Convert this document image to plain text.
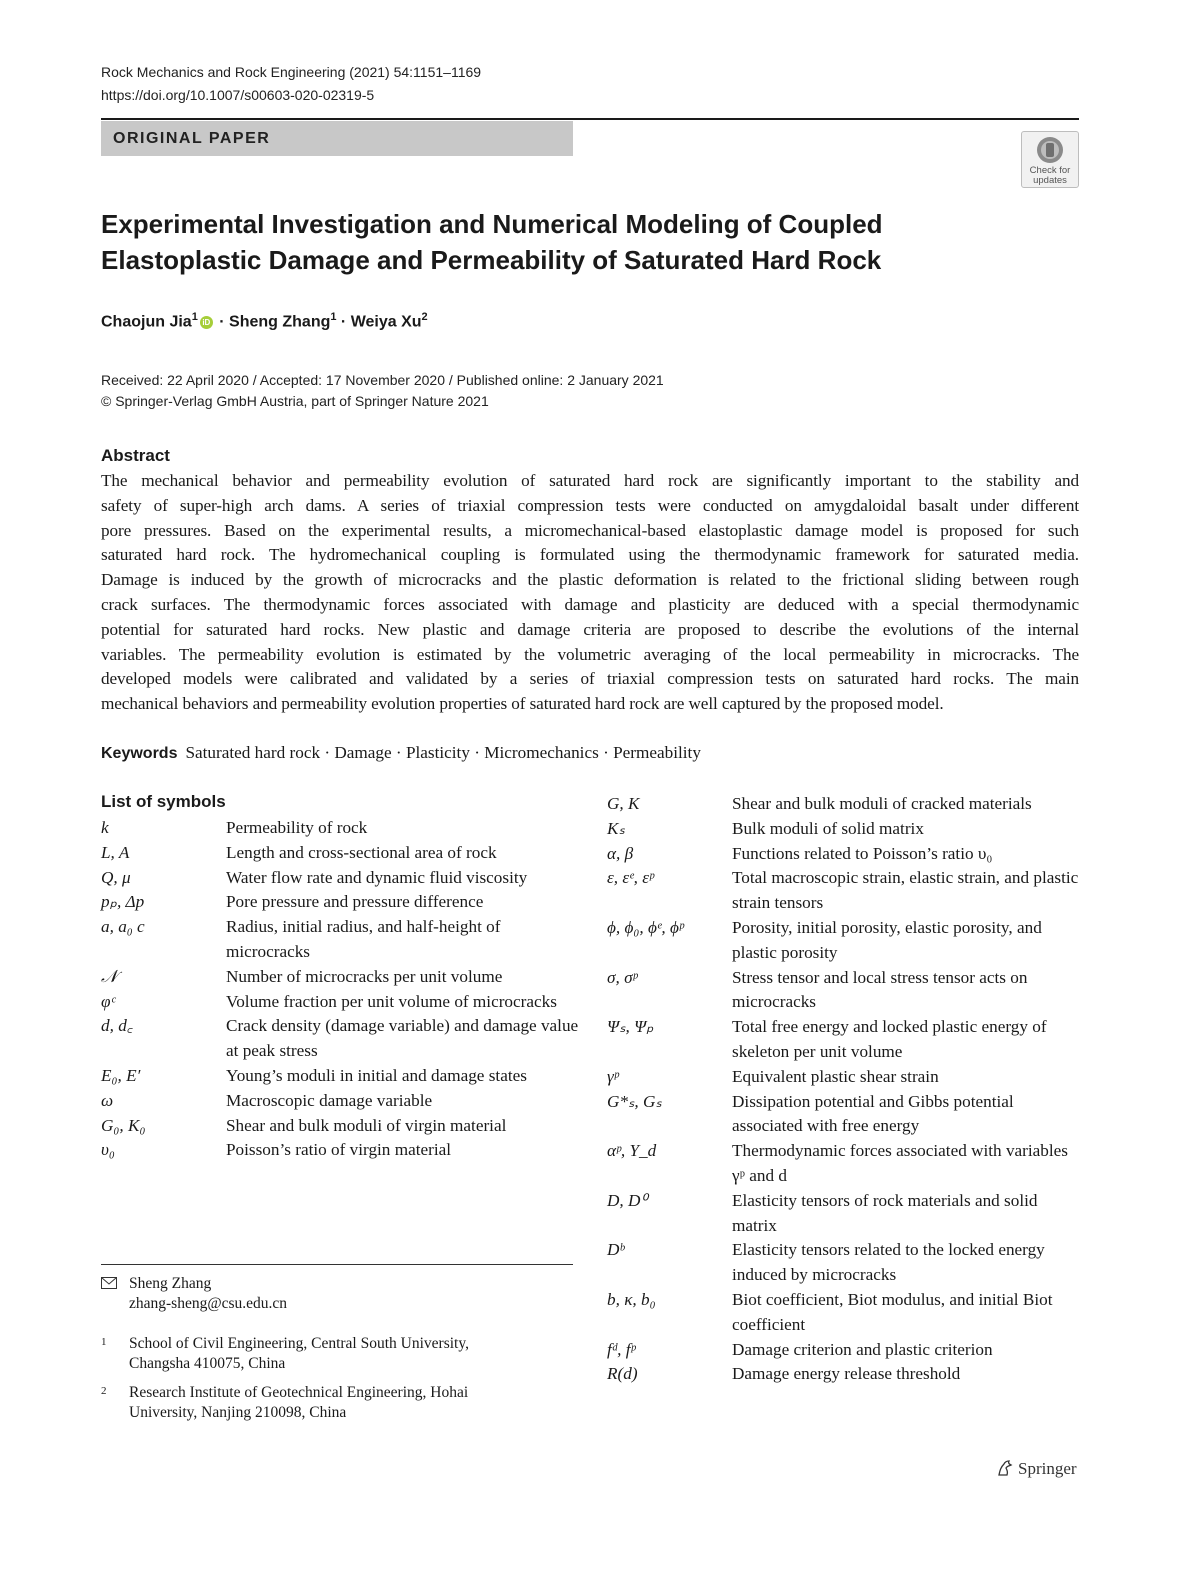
Rock Mechanics and Rock Engineering (2021) 54:1151–1169
https://doi.org/10.1007/s00603-020-02319-5
ORIGINAL PAPER
Check for
updates
Experimental Investigation and Numerical Modeling of Coupled
Elastoplastic Damage and Permeability of Saturated Hard Rock
Chaojun Jia$^1$ iD · Sheng Zhang$^1$ · Weiya Xu$^2$
Received: 22 April 2020 / Accepted: 17 November 2020 / Published online: 2 January 2021
© Springer-Verlag GmbH Austria, part of Springer Nature 2021
Abstract
The mechanical behavior and permeability evolution of saturated hard rock are significantly important to the stability and
safety of super-high arch dams. A series of triaxial compression tests were conducted on amygdaloidal basalt under different
pore pressures. Based on the experimental results, a micromechanical-based elastoplastic damage model is proposed for such
saturated hard rock. The hydromechanical coupling is formulated using the thermodynamic framework for saturated media.
Damage is induced by the growth of microcracks and the plastic deformation is related to the frictional sliding between rough
crack surfaces. The thermodynamic forces associated with damage and plasticity are deduced with a special thermodynamic
potential for saturated hard rocks. New plastic and damage criteria are proposed to describe the evolutions of the internal
variables. The permeability evolution is estimated by the volumetric averaging of the local permeability in microcracks. The
developed models were calibrated and validated by a series of triaxial compression tests on saturated hard rocks. The main
mechanical behaviors and permeability evolution properties of saturated hard rock are well captured by the proposed model.
Keywords Saturated hard rock · Damage · Plasticity · Micromechanics · Permeability
List of symbols
k	Permeability of rock
L, A	Length and cross-sectional area of rock
Q, μ	Water flow rate and dynamic fluid viscosity
pₚ, Δp	Pore pressure and pressure difference
a, a₀ c	Radius, initial radius, and half-height of microcracks
𝒩	Number of microcracks per unit volume
φᶜ	Volume fraction per unit volume of microcracks
d, d꜀	Crack density (damage variable) and damage value at peak stress
E₀, E′	Young’s moduli in initial and damage states
ω	Macroscopic damage variable
G₀, K₀	Shear and bulk moduli of virgin material
υ₀	Poisson’s ratio of virgin material
G, K	Shear and bulk moduli of cracked materials
Kₛ	Bulk moduli of solid matrix
α, β	Functions related to Poisson’s ratio υ₀
ε, εᵉ, εᵖ	Total macroscopic strain, elastic strain, and plastic strain tensors
ϕ, ϕ₀, ϕᵉ, ϕᵖ	Porosity, initial porosity, elastic porosity, and plastic porosity
σ, σᵖ	Stress tensor and local stress tensor acts on microcracks
Ψₛ, Ψₚ	Total free energy and locked plastic energy of skeleton per unit volume
γᵖ	Equivalent plastic shear strain
G*ₛ, Gₛ	Dissipation potential and Gibbs potential associated with free energy
αᵖ, Y_d	Thermodynamic forces associated with variables γᵖ and d
D, D⁰	Elasticity tensors of rock materials and solid matrix
Dᵇ	Elasticity tensors related to the locked energy induced by microcracks
b, κ, b₀	Biot coefficient, Biot modulus, and initial Biot coefficient
fᵈ, fᵖ	Damage criterion and plastic criterion
R(d)	Damage energy release threshold
Sheng Zhang
zhang-sheng@csu.edu.cn
1 School of Civil Engineering, Central South University,
Changsha 410075, China
2 Research Institute of Geotechnical Engineering, Hohai
University, Nanjing 210098, China
Springer
